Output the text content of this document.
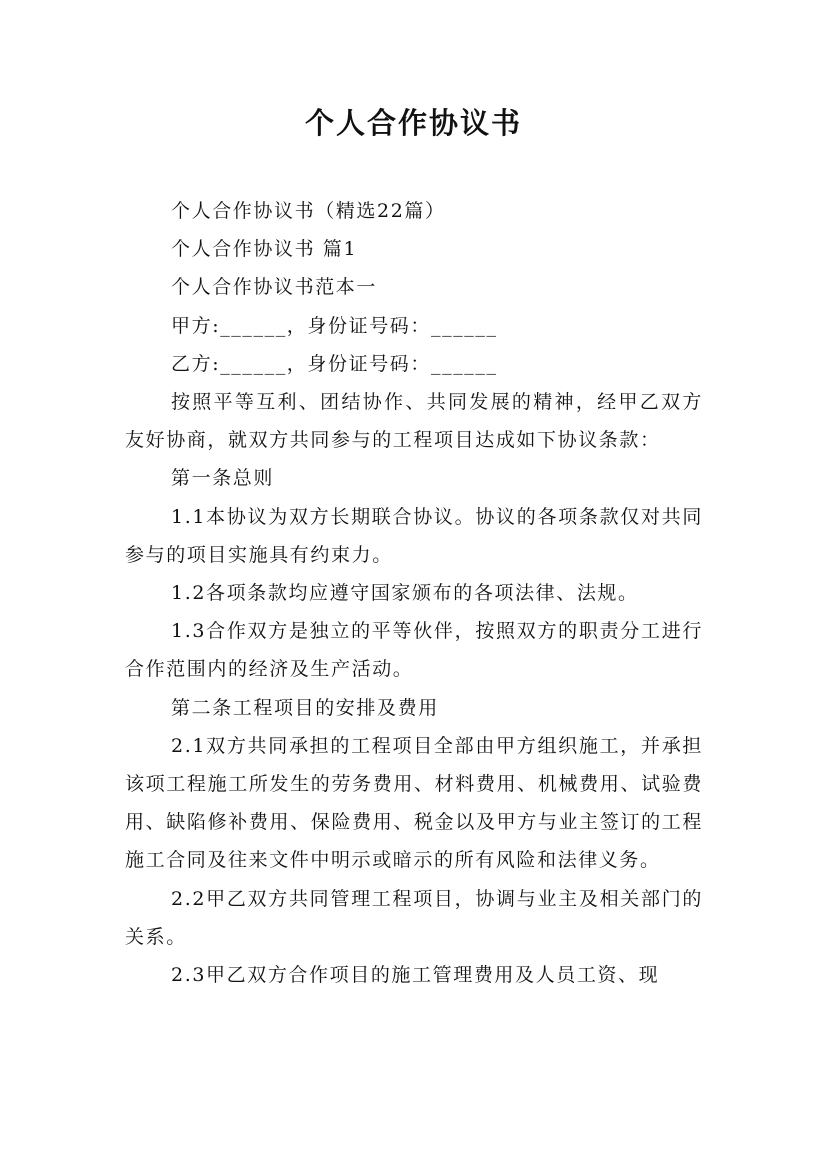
个人合作协议书

个人合作协议书（精选22篇）

个人合作协议书 篇1

个人合作协议书范本一

甲方:______，身份证号码：______

乙方:______，身份证号码：______

按照平等互利、团结协作、共同发展的精神，经甲乙双方友好协商，就双方共同参与的工程项目达成如下协议条款：

第一条总则

1.1本协议为双方长期联合协议。协议的各项条款仅对共同参与的项目实施具有约束力。

1.2各项条款均应遵守国家颁布的各项法律、法规。

1.3合作双方是独立的平等伙伴，按照双方的职责分工进行合作范围内的经济及生产活动。

第二条工程项目的安排及费用

2.1双方共同承担的工程项目全部由甲方组织施工，并承担该项工程施工所发生的劳务费用、材料费用、机械费用、试验费用、缺陷修补费用、保险费用、税金以及甲方与业主签订的工程施工合同及往来文件中明示或暗示的所有风险和法律义务。

2.2甲乙双方共同管理工程项目，协调与业主及相关部门的关系。

2.3甲乙双方合作项目的施工管理费用及人员工资、现
